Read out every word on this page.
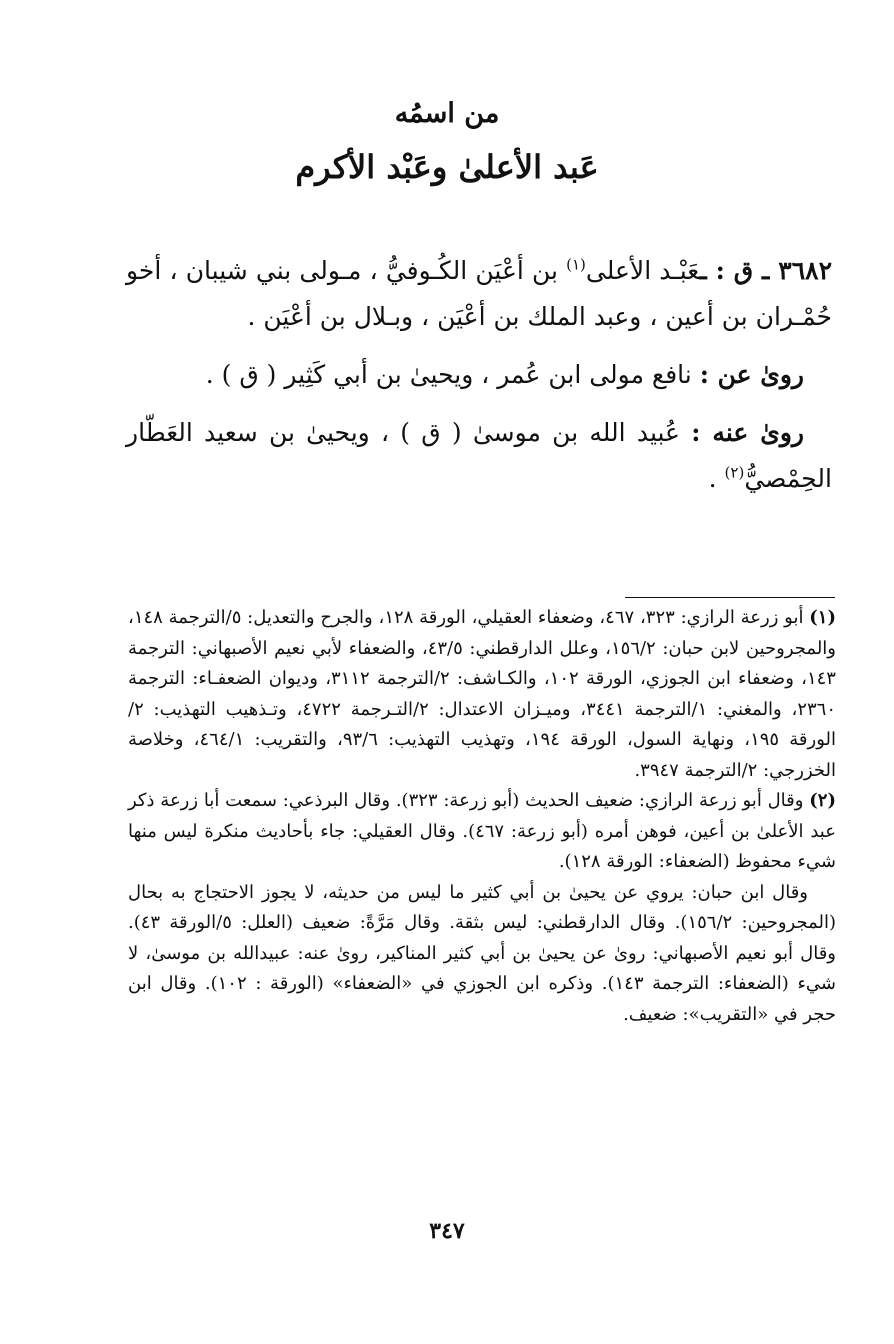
من اسمُه
عَبد الأعلىٰ وعَبْد الأكرم

٣٦٨٢ ـ ق : ـعَبْـد الأعلى$^{(١)}$ بن أعْيَن الكُـوفيُّ ، مـولى بني شيبان ، أخو حُمْـران بن أعين ، وعبد الملك بن أعْيَن ، وبـلال بن أعْيَن .

روىٰ عن : نافع مولى ابن عُمر ، ويحيىٰ بن أبي كَثِير ( ق ) .

روىٰ عنه : عُبيد الله بن موسىٰ ( ق ) ، ويحيىٰ بن سعيد العَطّار الحِمْصيُّ$^{(٢)}$ .

(١) أبو زرعة الرازي: ٣٢٣، ٤٦٧، وضعفاء العقيلي، الورقة ١٢٨، والجرح والتعديل: ٥/الترجمة ١٤٨، والمجروحين لابن حبان: ١٥٦/٢، وعلل الدارقطني: ٤٣/٥، والضعفاء لأبي نعيم الأصبهاني: الترجمة ١٤٣، وضعفاء ابن الجوزي، الورقة ١٠٢، والكـاشف: ٢/الترجمة ٣١١٢، وديوان الضعفـاء: الترجمة ٢٣٦٠، والمغني: ١/الترجمة ٣٤٤١، وميـزان الاعتدال: ٢/التـرجمة ٤٧٢٢، وتـذهيب التهذيب: ٢/الورقة ١٩٥، ونهاية السول، الورقة ١٩٤، وتهذيب التهذيب: ٩٣/٦، والتقريب: ٤٦٤/١، وخلاصة الخزرجي: ٢/الترجمة ٣٩٤٧.

(٢) وقال أبو زرعة الرازي: ضعيف الحديث (أبو زرعة: ٣٢٣). وقال البرذعي: سمعت أبا زرعة ذكر عبد الأعلىٰ بن أعين، فوهن أمره (أبو زرعة: ٤٦٧). وقال العقيلي: جاء بأحاديث منكرة ليس منها شيء محفوظ (الضعفاء: الورقة ١٢٨).

وقال ابن حبان: يروي عن يحيىٰ بن أبي كثير ما ليس من حديثه، لا يجوز الاحتجاج به بحال (المجروحين: ١٥٦/٢). وقال الدارقطني: ليس بثقة. وقال مَرَّةً: ضعيف (العلل: ٥/الورقة ٤٣). وقال أبو نعيم الأصبهاني: روىٰ عن يحيىٰ بن أبي كثير المناكير، روىٰ عنه: عبيدالله بن موسىٰ، لا شيء (الضعفاء: الترجمة ١٤٣). وذكره ابن الجوزي في «الضعفاء» (الورقة : ١٠٢). وقال ابن حجر في «التقريب»: ضعيف.

٣٤٧
